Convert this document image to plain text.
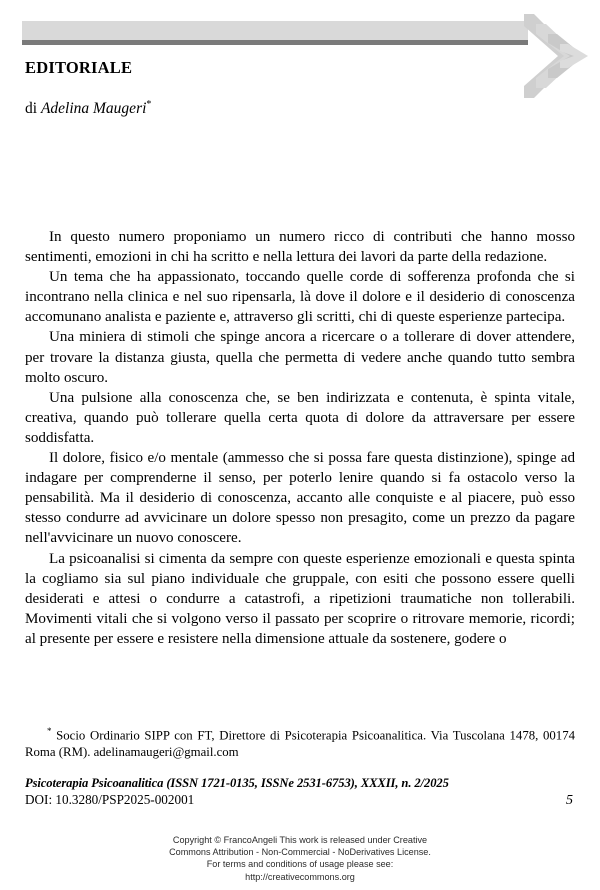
EDITORIALE

di Adelina Maugeri*

In questo numero proponiamo un numero ricco di contributi che hanno mosso sentimenti, emozioni in chi ha scritto e nella lettura dei lavori da parte della redazione.

Un tema che ha appassionato, toccando quelle corde di sofferenza profonda che si incontrano nella clinica e nel suo ripensarla, là dove il dolore e il desiderio di conoscenza accomunano analista e paziente e, attraverso gli scritti, chi di queste esperienze partecipa.

Una miniera di stimoli che spinge ancora a ricercare o a tollerare di dover attendere, per trovare la distanza giusta, quella che permetta di vedere anche quando tutto sembra molto oscuro.

Una pulsione alla conoscenza che, se ben indirizzata e contenuta, è spinta vitale, creativa, quando può tollerare quella certa quota di dolore da attraversare per essere soddisfatta.

Il dolore, fisico e/o mentale (ammesso che si possa fare questa distinzione), spinge ad indagare per comprenderne il senso, per poterlo lenire quando si fa ostacolo verso la pensabilità. Ma il desiderio di conoscenza, accanto alle conquiste e al piacere, può esso stesso condurre ad avvicinare un dolore spesso non presagito, come un prezzo da pagare nell'avvicinare un nuovo conoscere.

La psicoanalisi si cimenta da sempre con queste esperienze emozionali e questa spinta la cogliamo sia sul piano individuale che gruppale, con esiti che possono essere quelli desiderati e attesi o condurre a catastrofi, a ripetizioni traumatiche non tollerabili. Movimenti vitali che si volgono verso il passato per scoprire o ritrovare memorie, ricordi; al presente per essere e resistere nella dimensione attuale da sostenere, godere o

* Socio Ordinario SIPP con FT, Direttore di Psicoterapia Psicoanalitica. Via Tuscolana 1478, 00174 Roma (RM). adelinamaugeri@gmail.com

Psicoterapia Psicoanalitica (ISSN 1721-0135, ISSNe 2531-6753), XXXII, n. 2/2025
DOI: 10.3280/PSP2025-002001	5
Copyright © FrancoAngeli This work is released under Creative
Commons Attribution - Non-Commercial - NoDerivatives License.
For terms and conditions of usage please see:
http://creativecommons.org
